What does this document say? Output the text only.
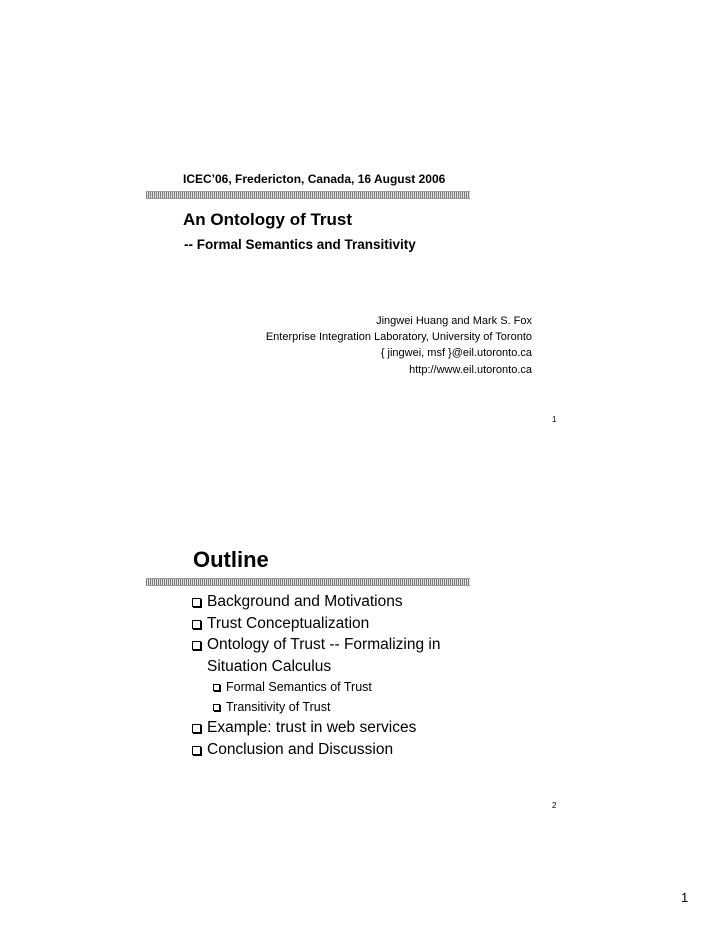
ICEC’06, Fredericton, Canada, 16 August 2006
An Ontology of Trust
-- Formal Semantics and Transitivity
Jingwei Huang and Mark S. Fox
Enterprise Integration Laboratory, University of Toronto
{ jingwei, msf }@eil.utoronto.ca
http://www.eil.utoronto.ca
1
Outline
Background and Motivations
Trust Conceptualization
Ontology of Trust -- Formalizing in
Situation Calculus
Formal Semantics of Trust
Transitivity of Trust
Example: trust in web services
Conclusion and Discussion
2
1
